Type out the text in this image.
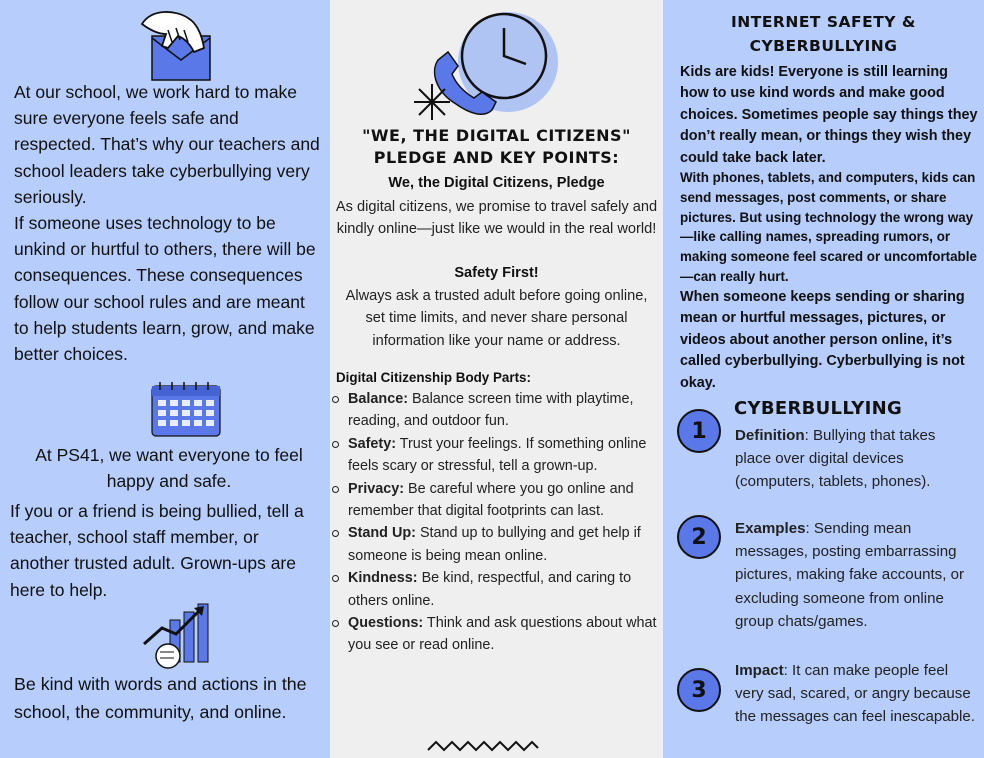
At our school, we work hard to make sure everyone feels safe and respected. That’s why our teachers and school leaders take cyberbullying very seriously.
If someone uses technology to be unkind or hurtful to others, there will be consequences. These consequences follow our school rules and are meant to help students learn, grow, and make better choices.
At PS41, we want everyone to feel happy and safe.
If you or a friend is being bullied, tell a teacher, school staff member, or another trusted adult. Grown-ups are here to help.
Be kind with words and actions in the school, the community, and online.
"WE, THE DIGITAL CITIZENS" PLEDGE AND KEY POINTS:
We, the Digital Citizens, Pledge
As digital citizens, we promise to travel safely and kindly online—just like we would in the real world!
Safety First!
Always ask a trusted adult before going online, set time limits, and never share personal information like your name or address.
Digital Citizenship Body Parts:
Balance: Balance screen time with playtime, reading, and outdoor fun.
Safety: Trust your feelings. If something online feels scary or stressful, tell a grown-up.
Privacy: Be careful where you go online and remember that digital footprints can last.
Stand Up: Stand up to bullying and get help if someone is being mean online.
Kindness: Be kind, respectful, and caring to others online.
Questions: Think and ask questions about what you see or read online.
INTERNET SAFETY &
CYBERBULLYING
Kids are kids! Everyone is still learning how to use kind words and make good choices. Sometimes people say things they don’t really mean, or things they wish they could take back later.
With phones, tablets, and computers, kids can send messages, post comments, or share pictures. But using technology the wrong way—like calling names, spreading rumors, or making someone feel scared or uncomfortable—can really hurt.
When someone keeps sending or sharing mean or hurtful messages, pictures, or videos about another person online, it’s called cyberbullying. Cyberbullying is not okay.
CYBERBULLYING
1	Definition: Bullying that takes place over digital devices (computers, tablets, phones).
2	Examples: Sending mean messages, posting embarrassing pictures, making fake accounts, or excluding someone from online group chats/games.
3
Impact: It can make people feel very sad, scared, or angry because the messages can feel inescapable.
